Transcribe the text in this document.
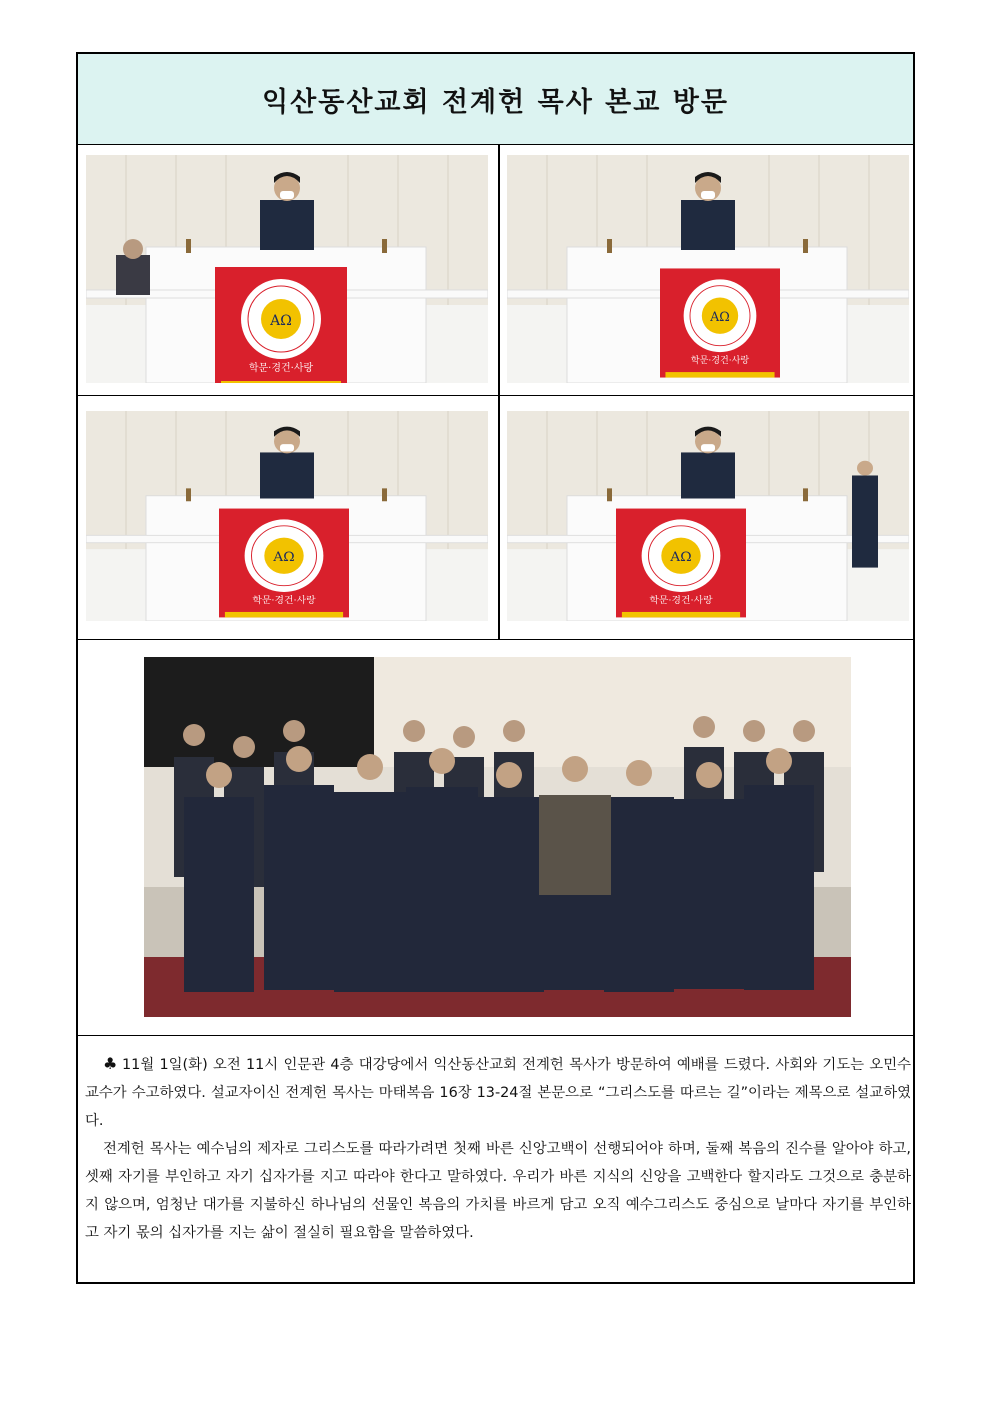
익산동산교회 전계헌 목사 본교 방문

♣ 11월 1일(화) 오전 11시 인문관 4층 대강당에서 익산동산교회 전계헌 목사가 방문하여 예배를 드렸다. 사회와 기도는 오민수 교수가 수고하였다. 설교자이신 전계헌 목사는 마태복음 16장 13-24절 본문으로 “그리스도를 따르는 길”이라는 제목으로 설교하였다.

전계헌 목사는 예수님의 제자로 그리스도를 따라가려면 첫째 바른 신앙고백이 선행되어야 하며, 둘째 복음의 진수를 알아야 하고, 셋째 자기를 부인하고 자기 십자가를 지고 따라야 한다고 말하였다. 우리가 바른 지식의 신앙을 고백한다 할지라도 그것으로 충분하지 않으며, 엄청난 대가를 지불하신 하나님의 선물인 복음의 가치를 바르게 담고 오직 예수그리스도 중심으로 날마다 자기를 부인하고 자기 몫의 십자가를 지는 삶이 절실히 필요함을 말씀하였다.
